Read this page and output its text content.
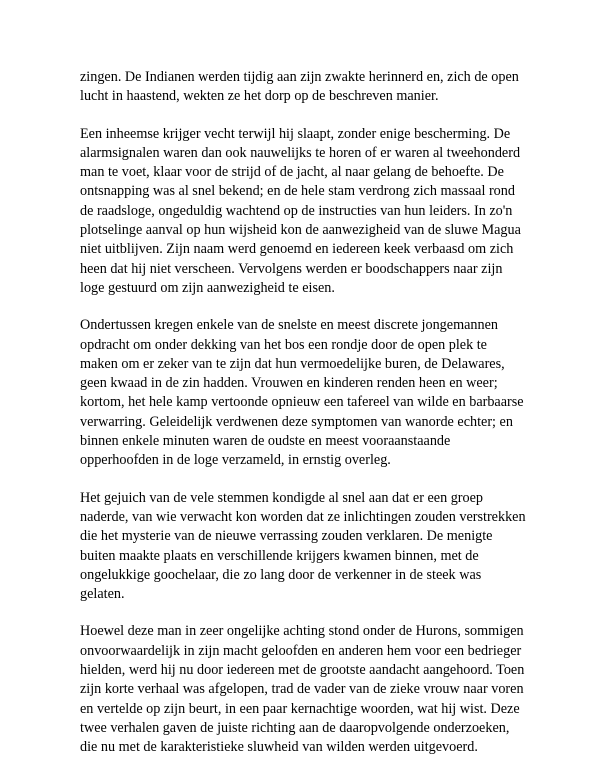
zingen. De Indianen werden tijdig aan zijn zwakte herinnerd en, zich de open lucht in haastend, wekten ze het dorp op de beschreven manier.

Een inheemse krijger vecht terwijl hij slaapt, zonder enige bescherming. De alarmsignalen waren dan ook nauwelijks te horen of er waren al tweehonderd man te voet, klaar voor de strijd of de jacht, al naar gelang de behoefte. De ontsnapping was al snel bekend; en de hele stam verdrong zich massaal rond de raadsloge, ongeduldig wachtend op de instructies van hun leiders. In zo'n plotselinge aanval op hun wijsheid kon de aanwezigheid van de sluwe Magua niet uitblijven. Zijn naam werd genoemd en iedereen keek verbaasd om zich heen dat hij niet verscheen. Vervolgens werden er boodschappers naar zijn loge gestuurd om zijn aanwezigheid te eisen.

Ondertussen kregen enkele van de snelste en meest discrete jongemannen opdracht om onder dekking van het bos een rondje door de open plek te maken om er zeker van te zijn dat hun vermoedelijke buren, de Delawares, geen kwaad in de zin hadden. Vrouwen en kinderen renden heen en weer; kortom, het hele kamp vertoonde opnieuw een tafereel van wilde en barbaarse verwarring. Geleidelijk verdwenen deze symptomen van wanorde echter; en binnen enkele minuten waren de oudste en meest vooraanstaande opperhoofden in de loge verzameld, in ernstig overleg.

Het gejuich van de vele stemmen kondigde al snel aan dat er een groep naderde, van wie verwacht kon worden dat ze inlichtingen zouden verstrekken die het mysterie van de nieuwe verrassing zouden verklaren. De menigte buiten maakte plaats en verschillende krijgers kwamen binnen, met de ongelukkige goochelaar, die zo lang door de verkenner in de steek was gelaten.

Hoewel deze man in zeer ongelijke achting stond onder de Hurons, sommigen onvoorwaardelijk in zijn macht geloofden en anderen hem voor een bedrieger hielden, werd hij nu door iedereen met de grootste aandacht aangehoord. Toen zijn korte verhaal was afgelopen, trad de vader van de zieke vrouw naar voren en vertelde op zijn beurt, in een paar kernachtige woorden, wat hij wist. Deze twee verhalen gaven de juiste richting aan de daaropvolgende onderzoeken, die nu met de karakteristieke sluwheid van wilden werden uitgevoerd.
